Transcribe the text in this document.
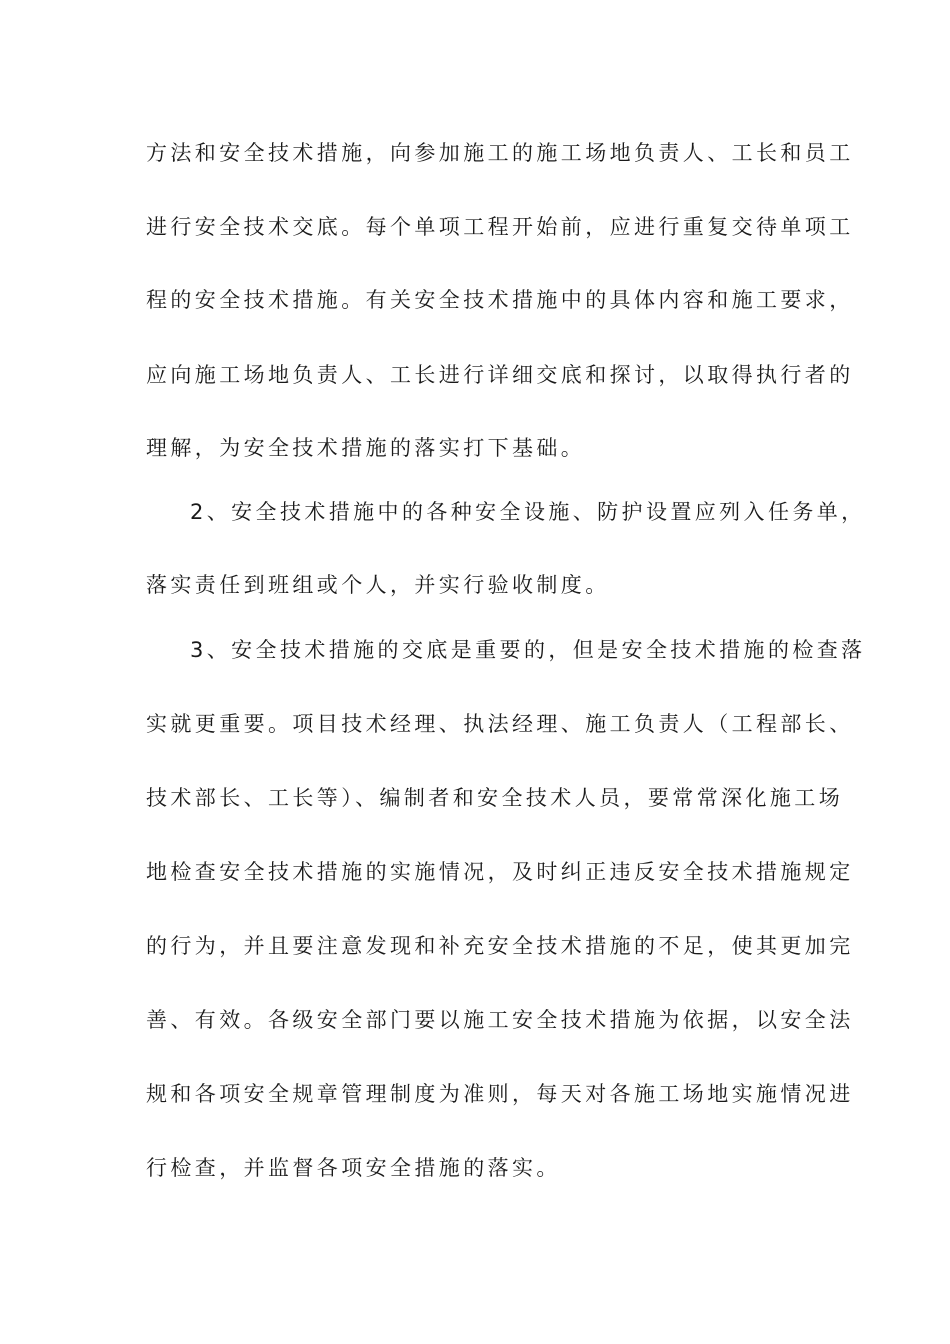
方法和安全技术措施，向参加施工的施工场地负责人、工长和员工
进行安全技术交底。每个单项工程开始前，应进行重复交待单项工
程的安全技术措施。有关安全技术措施中的具体内容和施工要求，
应向施工场地负责人、工长进行详细交底和探讨，以取得执行者的
理解，为安全技术措施的落实打下基础。
2、安全技术措施中的各种安全设施、防护设置应列入任务单，
落实责任到班组或个人，并实行验收制度。
3、安全技术措施的交底是重要的，但是安全技术措施的检查落
实就更重要。项目技术经理、执法经理、施工负责人（工程部长、
技术部长、工长等）、编制者和安全技术人员，要常常深化施工场
地检查安全技术措施的实施情况，及时纠正违反安全技术措施规定
的行为，并且要注意发现和补充安全技术措施的不足，使其更加完
善、有效。各级安全部门要以施工安全技术措施为依据，以安全法
规和各项安全规章管理制度为准则，每天对各施工场地实施情况进
行检查，并监督各项安全措施的落实。
